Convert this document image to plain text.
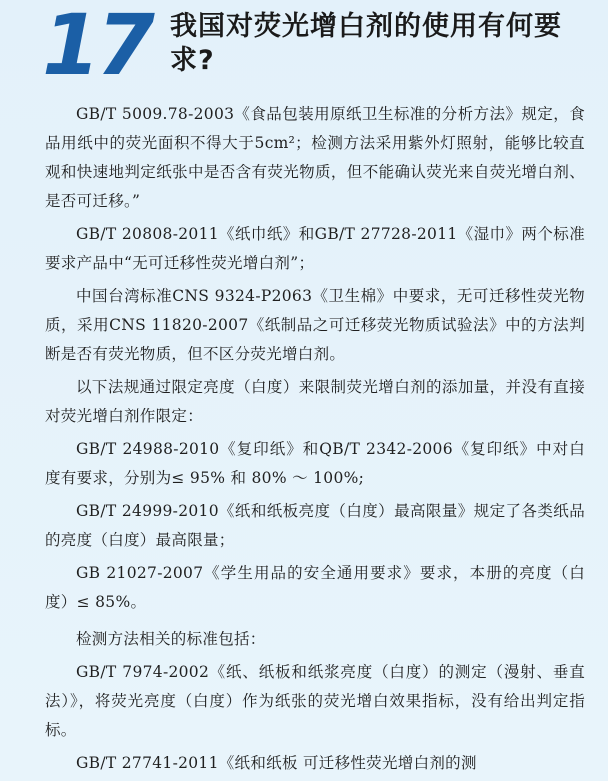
17 我国对荧光增白剂的使用有何要求?

GB/T 5009.78-2003《食品包装用原纸卫生标准的分析方法》规定，食品用纸中的荧光面积不得大于5cm²；检测方法采用紫外灯照射，能够比较直观和快速地判定纸张中是否含有荧光物质，但不能确认荧光来自荧光增白剂、是否可迁移。”

GB/T 20808-2011《纸巾纸》和GB/T 27728-2011《湿巾》两个标准要求产品中“无可迁移性荧光增白剂”；

中国台湾标准CNS 9324-P2063《卫生棉》中要求，无可迁移性荧光物质，采用CNS 11820-2007《纸制品之可迁移荧光物质试验法》中的方法判断是否有荧光物质，但不区分荧光增白剂。

以下法规通过限定亮度（白度）来限制荧光增白剂的添加量，并没有直接对荧光增白剂作限定：

GB/T 24988-2010《复印纸》和QB/T 2342-2006《复印纸》中对白度有要求，分别为≤ 95% 和 80% ～ 100%;

GB/T 24999-2010《纸和纸板亮度（白度）最高限量》规定了各类纸品的亮度（白度）最高限量；

GB 21027-2007《学生用品的安全通用要求》要求，本册的亮度（白度）≤ 85%。

检测方法相关的标准包括：

GB/T 7974-2002《纸、纸板和纸浆亮度（白度）的测定（漫射、垂直法）》，将荧光亮度（白度）作为纸张的荧光增白效果指标，没有给出判定指标。

GB/T 27741-2011《纸和纸板 可迁移性荧光增白剂的测
